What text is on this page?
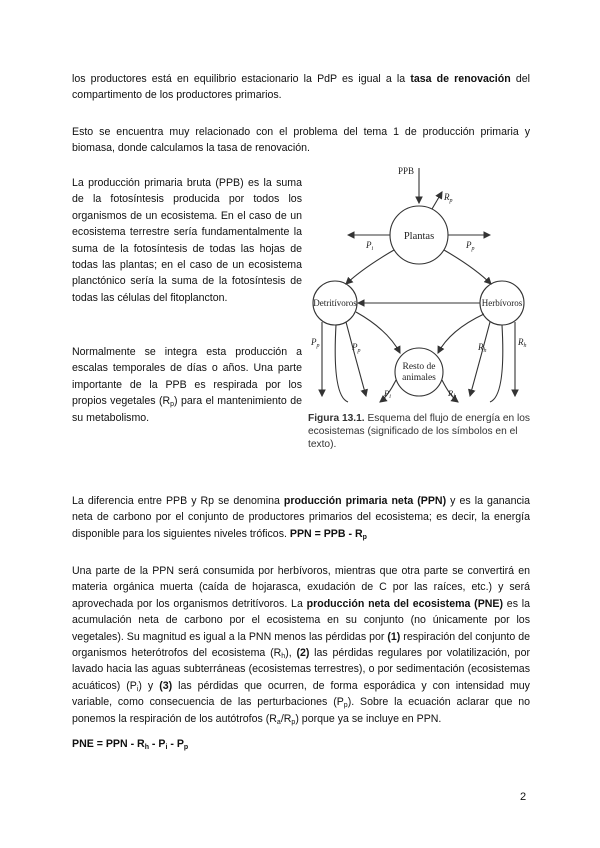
los productores está en equilibrio estacionario la PdP es igual a la tasa de renovación del compartimento de los productores primarios.

Esto se encuentra muy relacionado con el problema del tema 1 de producción primaria y biomasa, donde calculamos la tasa de renovación.

La producción primaria bruta (PPB) es la suma de la fotosíntesis producida por todos los organismos de un ecosistema. En el caso de un ecosistema terrestre sería fundamentalmente la suma de la fotosíntesis de todas las hojas de todas las plantas; en el caso de un ecosistema planctónico sería la suma de la fotosíntesis de todas las células del fitoplancton.

Normalmente se integra esta producción a escalas temporales de días o años. Una parte importante de la PPB es respirada por los propios vegetales $(R_p)$ para el mantenimiento de su metabolismo.

PPB
$R_p$
Plantas
$P_i$	$P_p$
Detritívoros	Herbívoros
$P_p$	$P_p$	$R_h$
$R_h$
Resto de
animales
$P_i$	$R_h$
Figura 13.1. Esquema del flujo de energía en los ecosistemas (significado de los símbolos en el texto).

La diferencia entre PPB y Rp se denomina producción primaria neta (PPN) y es la ganancia neta de carbono por el conjunto de productores primarios del ecosistema; es decir, la energía disponible para los siguientes niveles tróficos. PPN = PPB - $R_p$

Una parte de la PPN será consumida por herbívoros, mientras que otra parte se convertirá en materia orgánica muerta (caída de hojarasca, exudación de C por las raíces, etc.) y será aprovechada por los organismos detritívoros. La producción neta del ecosistema (PNE) es la acumulación neta de carbono por el ecosistema en su conjunto (no únicamente por los vegetales). Su magnitud es igual a la PNN menos las pérdidas por (1) respiración del conjunto de organismos heterótrofos del ecosistema $(R_h)$, (2) las pérdidas regulares por volatilización, por lavado hacia las aguas subterráneas (ecosistemas terrestres), o por sedimentación (ecosistemas acuáticos) $(P_i)$ y (3) las pérdidas que ocurren, de forma esporádica y con intensidad muy variable, como consecuencia de las perturbaciones $(P_p)$. Sobre la ecuación aclarar que no ponemos la respiración de los autótrofos $(R_a/R_p)$ porque ya se incluye en PPN.

PNE = PPN - $R_h - P_i - P_p$

2
